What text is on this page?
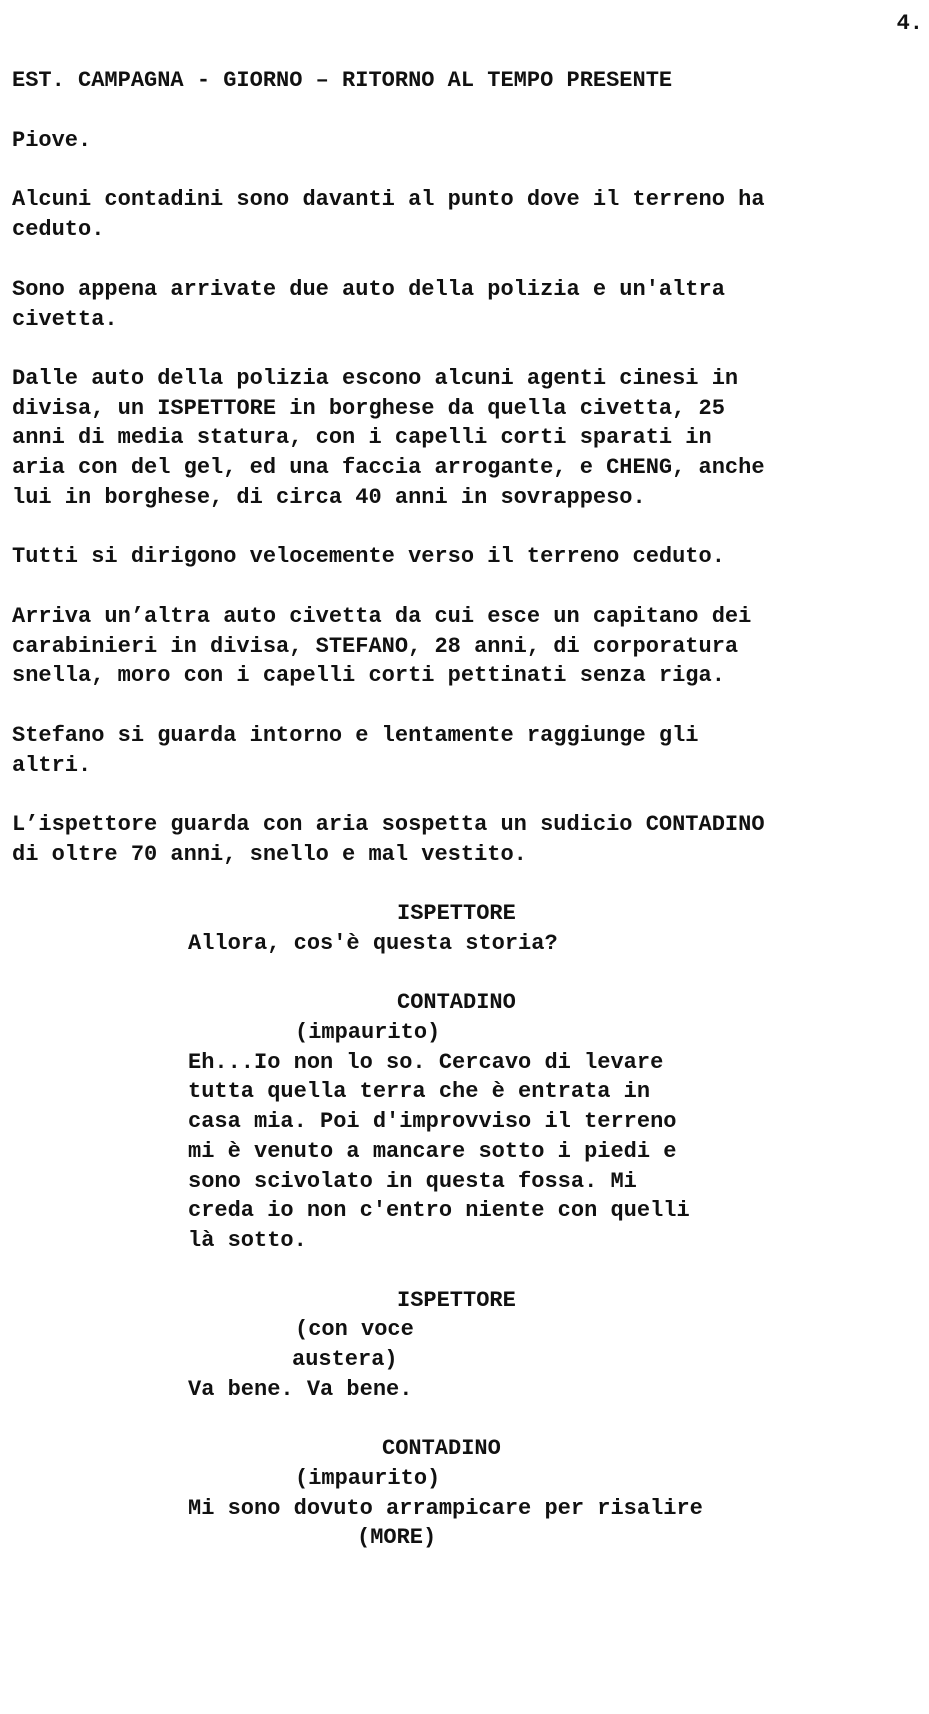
4.
EST. CAMPAGNA - GIORNO – RITORNO AL TEMPO PRESENTE
Piove.
Alcuni contadini sono davanti al punto dove il terreno ha
ceduto.
Sono appena arrivate due auto della polizia e un'altra
civetta.
Dalle auto della polizia escono alcuni agenti cinesi in
divisa, un ISPETTORE in borghese da quella civetta, 25
anni di media statura, con i capelli corti sparati in
aria con del gel, ed una faccia arrogante, e CHENG, anche
lui in borghese, di circa 40 anni in sovrappeso.
Tutti si dirigono velocemente verso il terreno ceduto.
Arriva un’altra auto civetta da cui esce un capitano dei
carabinieri in divisa, STEFANO, 28 anni, di corporatura
snella, moro con i capelli corti pettinati senza riga.
Stefano si guarda intorno e lentamente raggiunge gli
altri.
L’ispettore guarda con aria sospetta un sudicio CONTADINO
di oltre 70 anni, snello e mal vestito.
ISPETTORE
Allora, cos'è questa storia?
CONTADINO
(impaurito)
Eh...Io non lo so. Cercavo di levare
tutta quella terra che è entrata in
casa mia. Poi d'improvviso il terreno
mi è venuto a mancare sotto i piedi e
sono scivolato in questa fossa. Mi
creda io non c'entro niente con quelli
là sotto.
ISPETTORE
(con voce
austera)
Va bene. Va bene.
CONTADINO
(impaurito)
Mi sono dovuto arrampicare per risalire
(MORE)
